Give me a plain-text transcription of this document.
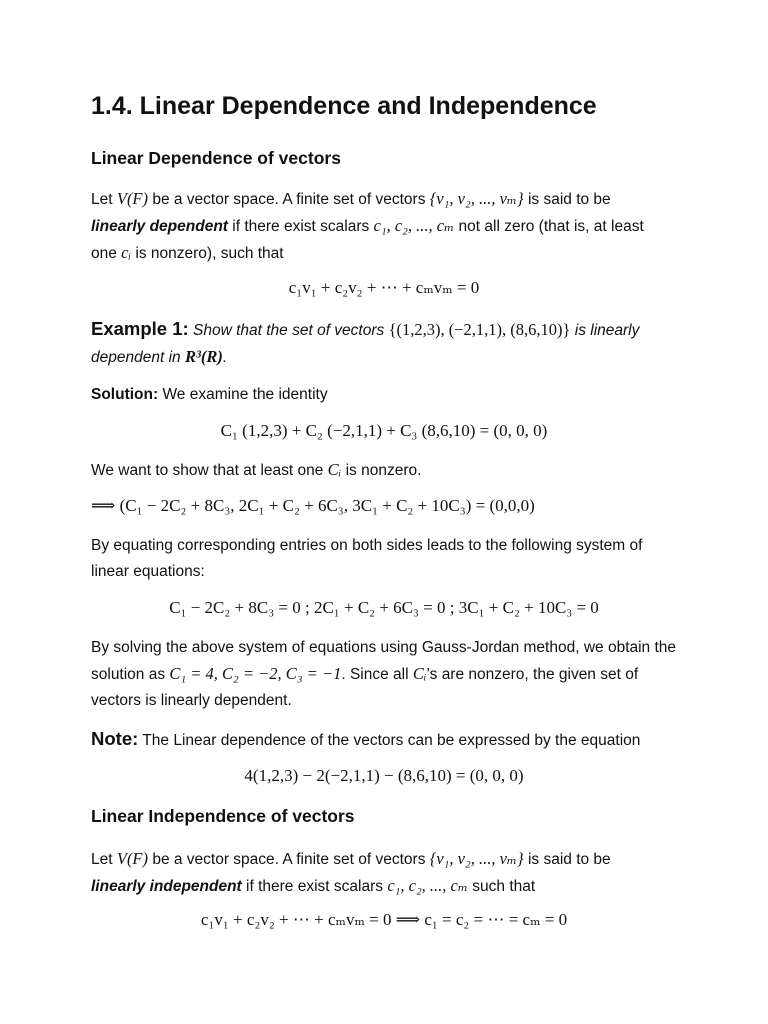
1.4. Linear Dependence and Independence
Linear Dependence of vectors
Let V(F) be a vector space. A finite set of vectors {v₁, v₂, ..., vₘ} is said to be
linearly dependent if there exist scalars c₁, c₂, ..., cₘ not all zero (that is, at least
one cᵢ is nonzero), such that
c₁v₁ + c₂v₂ + ⋯ + cₘvₘ = 0
Example 1: Show that the set of vectors {(1,2,3), (−2,1,1), (8,6,10)} is linearly
dependent in R³(R).
Solution: We examine the identity
C₁ (1,2,3) + C₂ (−2,1,1) + C₃ (8,6,10) = (0, 0, 0)
We want to show that at least one Cᵢ is nonzero.
⟹ (C₁ − 2C₂ + 8C₃, 2C₁ + C₂ + 6C₃, 3C₁ + C₂ + 10C₃) = (0,0,0)
By equating corresponding entries on both sides leads to the following system of
linear equations:
C₁ − 2C₂ + 8C₃ = 0 ; 2C₁ + C₂ + 6C₃ = 0 ; 3C₁ + C₂ + 10C₃ = 0
By solving the above system of equations using Gauss-Jordan method, we obtain the
solution as C₁ = 4, C₂ = −2, C₃ = −1. Since all Cᵢ’s are nonzero, the given set of
vectors is linearly dependent.
Note: The Linear dependence of the vectors can be expressed by the equation
4(1,2,3) − 2(−2,1,1) − (8,6,10) = (0, 0, 0)
Linear Independence of vectors
Let V(F) be a vector space. A finite set of vectors {v₁, v₂, ..., vₘ} is said to be
linearly independent if there exist scalars c₁, c₂, ..., cₘ such that
c₁v₁ + c₂v₂ + ⋯ + cₘvₘ = 0 ⟹ c₁ = c₂ = ⋯ = cₘ = 0
